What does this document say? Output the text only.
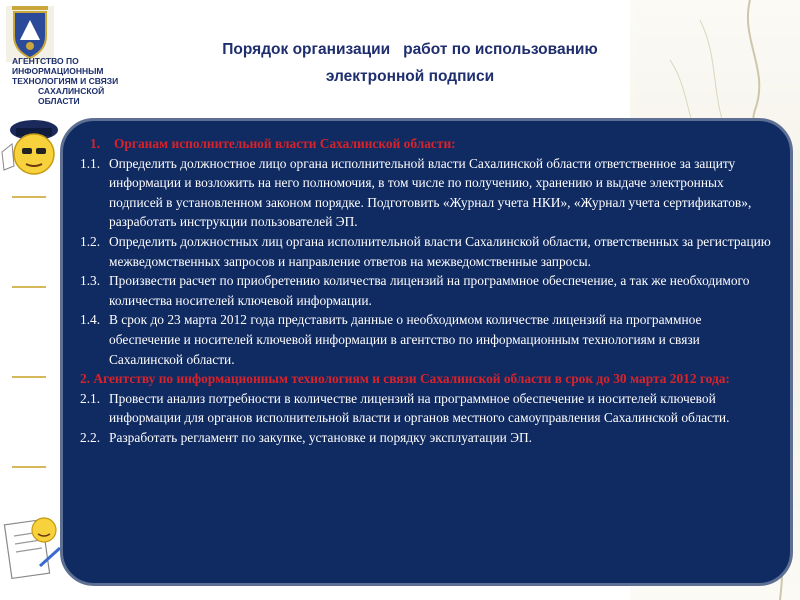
АГЕНТСТВО ПО
ИНФОРМАЦИОННЫМ
ТЕХНОЛОГИЯМ И СВЯЗИ

САХАЛИНСКОЙ
ОБЛАСТИ
Порядок организации   работ по использованию
электронной подписи
1. Органам исполнительной власти Сахалинской области:
1.1. Определить должностное лицо органа исполнительной власти Сахалинской области ответственное за защиту информации и возложить на него полномочия, в том числе по получению, хранению и выдаче электронных подписей в установленном законом порядке. Подготовить «Журнал учета НКИ», «Журнал учета сертификатов», разработать инструкции пользователей ЭП.
1.2. Определить должностных лиц органа исполнительной власти Сахалинской области, ответственных за регистрацию межведомственных запросов и направление ответов на межведомственные запросы.
1.3. Произвести расчет по приобретению количества лицензий на программное обеспечение, а так же необходимого количества носителей ключевой информации.
1.4. В срок до 23 марта 2012 года представить данные о необходимом количестве лицензий на программное обеспечение и носителей ключевой информации в агентство по информационным технологиям и связи Сахалинской области.
2. Агентству по информационным технологиям и связи Сахалинской области в срок до 30 марта 2012 года:
2.1. Провести анализ потребности в количестве лицензий на программное обеспечение и носителей ключевой информации для органов исполнительной власти и органов местного самоуправления Сахалинской области.
2.2. Разработать регламент по закупке, установке и порядку эксплуатации ЭП.
